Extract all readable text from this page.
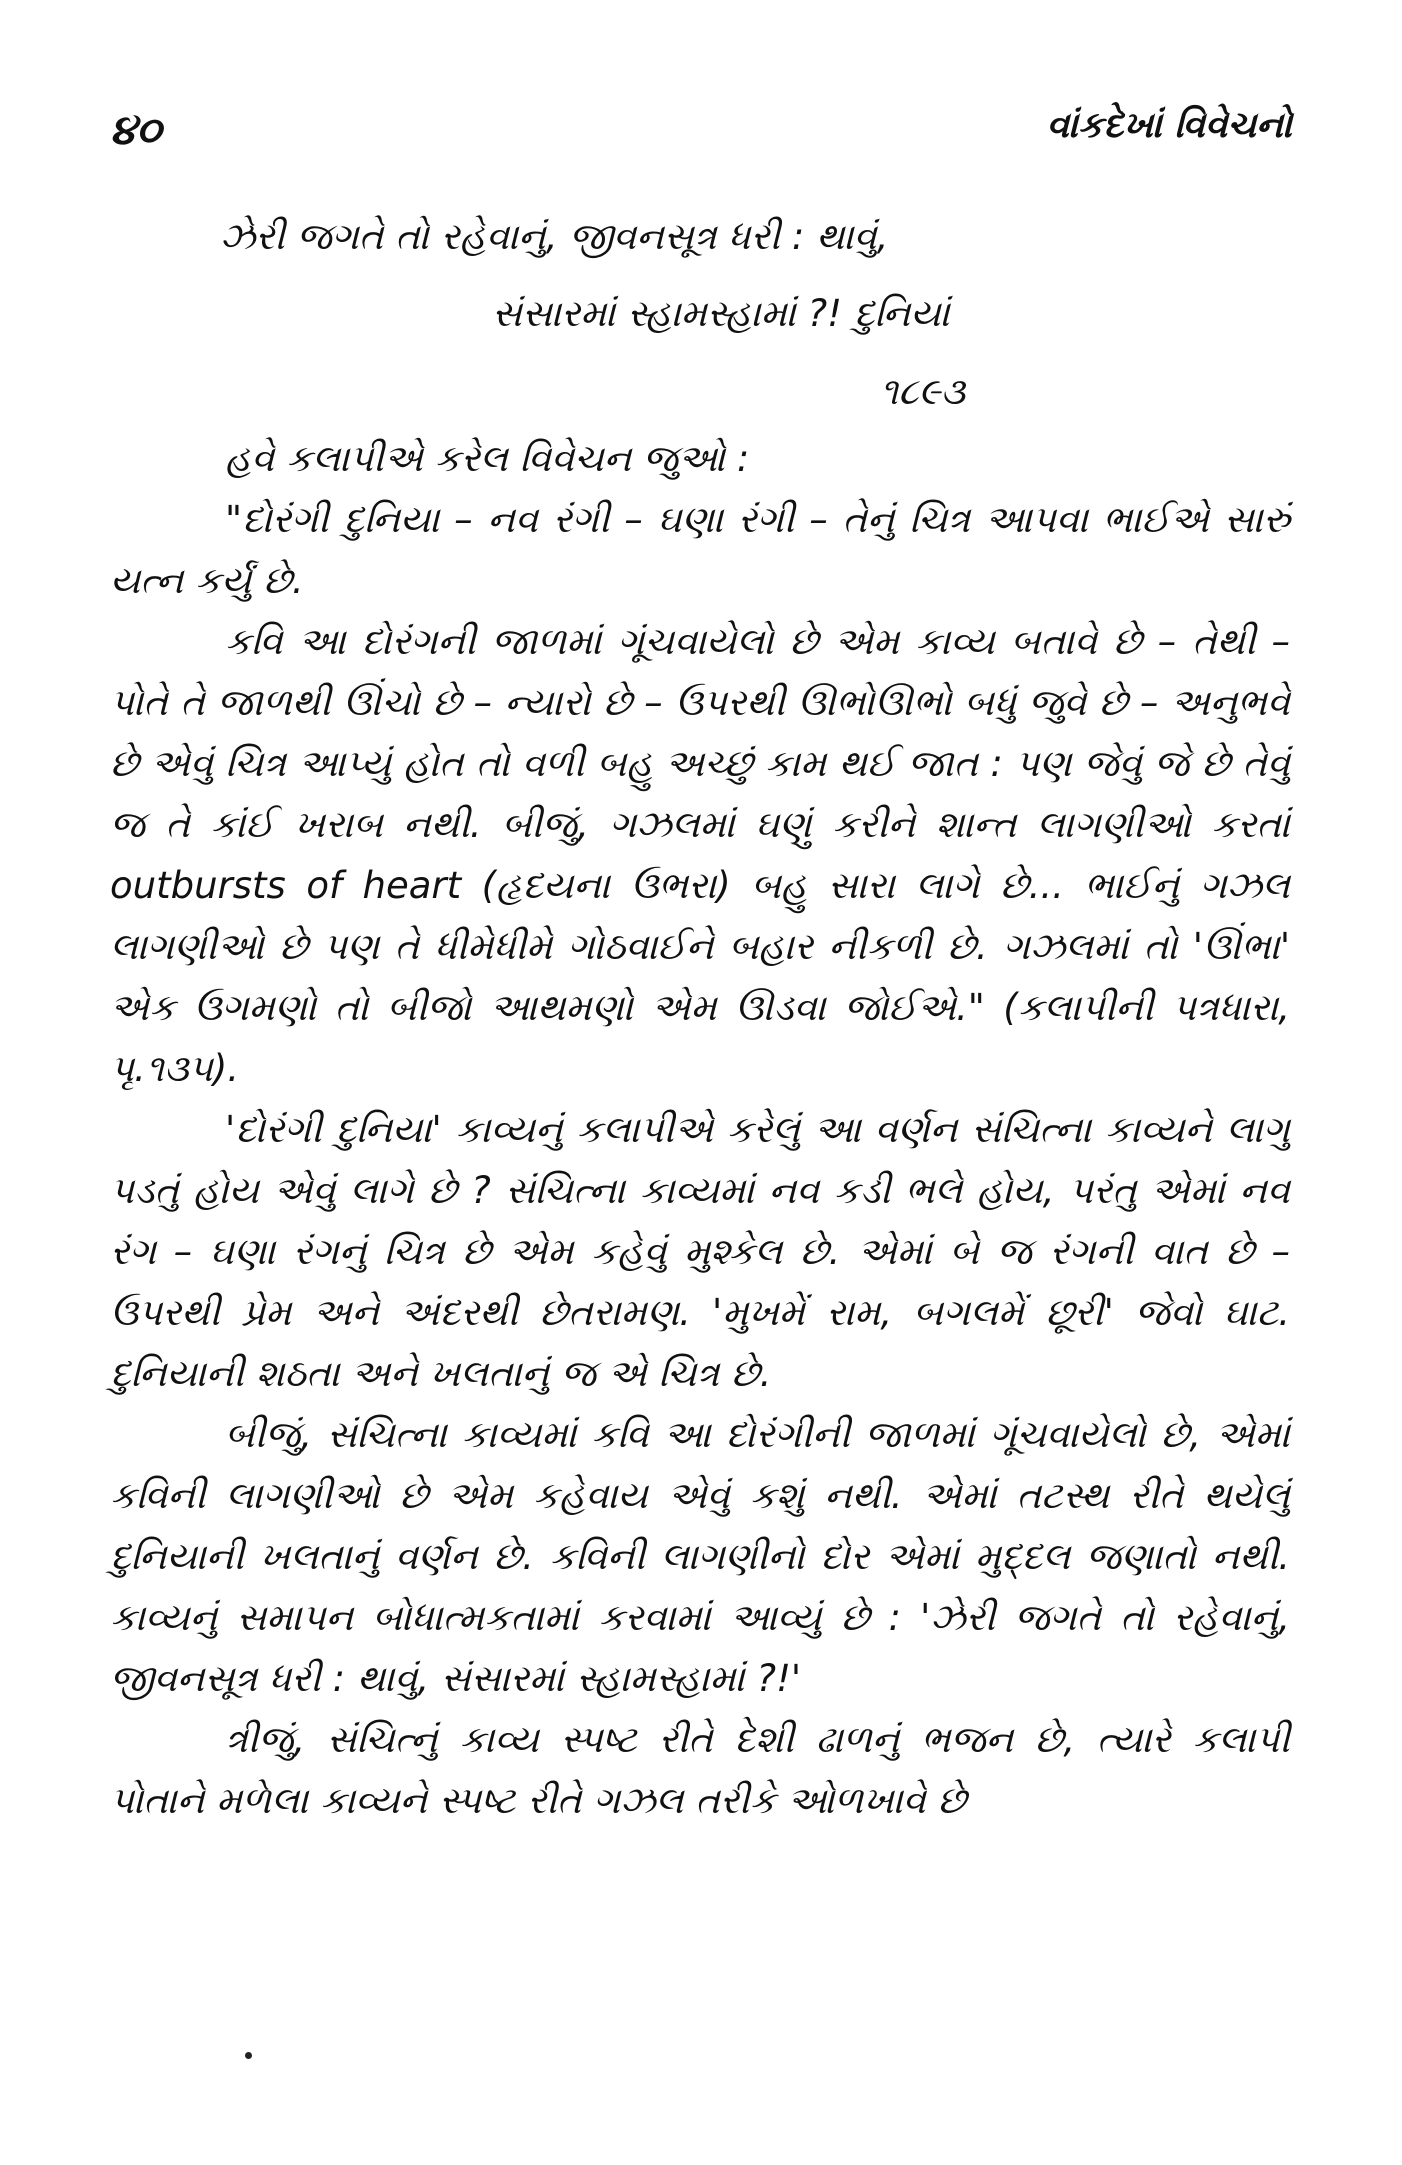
૪૦	વાંકદેખાં વિવેચનો
ઝેરી જગતે તો રહેવાનું, જીવનસૂત્ર ધરી : થાવું,
સંસારમાં સ્હામસ્હામાં ?! દુનિયાં
૧૮૯૩

હવે કલાપીએ કરેલ વિવેચન જુઓ :

"દોરંગી દુનિયા – નવ રંગી – ઘણા રંગી – તેનું ચિત્ર આપવા ભાઈએ સારું યત્ન કર્યું છે.

કવિ આ દોરંગની જાળમાં ગૂંચવાયેલો છે એમ કાવ્ય બતાવે છે – તેથી – પોતે તે જાળથી ઊંચો છે – ન્યારો છે – ઉપરથી ઊભોઊભો બધું જુવે છે – અનુભવે છે એવું ચિત્ર આપ્યું હોત તો વળી બહુ અચ્છું કામ થઈ જાત : પણ જેવું જે છે તેવું જ તે કાંઈ ખરાબ નથી. બીજું, ગઝલમાં ઘણું કરીને શાન્ત લાગણીઓ કરતાં outbursts of heart (હૃદયના ઉભરા) બહુ સારા લાગે છે... ભાઈનું ગઝલ લાગણીઓ છે પણ તે ધીમેધીમે ગોઠવાઈને બહાર નીકળી છે. ગઝલમાં તો 'ઊંભા' એક ઉગમણો તો બીજો આથમણો એમ ઊડવા જોઈએ." (કલાપીની પત્રધારા, પૃ.૧૩૫).

'દોરંગી દુનિયા' કાવ્યનું કલાપીએ કરેલું આ વર્ણન સંચિત્ના કાવ્યને લાગુ પડતું હોય એવું લાગે છે ? સંચિત્ના કાવ્યમાં નવ કડી ભલે હોય, પરંતુ એમાં નવ રંગ – ઘણા રંગનું ચિત્ર છે એમ કહેવું મુશ્કેલ છે. એમાં બે જ રંગની વાત છે – ઉપરથી પ્રેમ અને અંદરથી છેતરામણ. 'મુખમેં રામ, બગલમેં છૂરી' જેવો ઘાટ. દુનિયાની શઠતા અને ખલતાનું જ એ ચિત્ર છે.

બીજું, સંચિત્ના કાવ્યમાં કવિ આ દોરંગીની જાળમાં ગૂંચવાયેલો છે, એમાં કવિની લાગણીઓ છે એમ કહેવાય એવું કશું નથી. એમાં તટસ્થ રીતે થયેલું દુનિયાની ખલતાનું વર્ણન છે. કવિની લાગણીનો દોર એમાં મુદ્દલ જણાતો નથી. કાવ્યનું સમાપન બોધાત્મકતામાં કરવામાં આવ્યું છે : 'ઝેરી જગતે તો રહેવાનું, જીવનસૂત્ર ધરી : થાવું, સંસારમાં સ્હામસ્હામાં ?!'

ત્રીજું, સંચિત્નું કાવ્ય સ્પષ્ટ રીતે દેશી ઢાળનું ભજન છે, ત્યારે કલાપી પોતાને મળેલા કાવ્યને સ્પષ્ટ રીતે ગઝલ તરીકે ઓળખાવે છે
